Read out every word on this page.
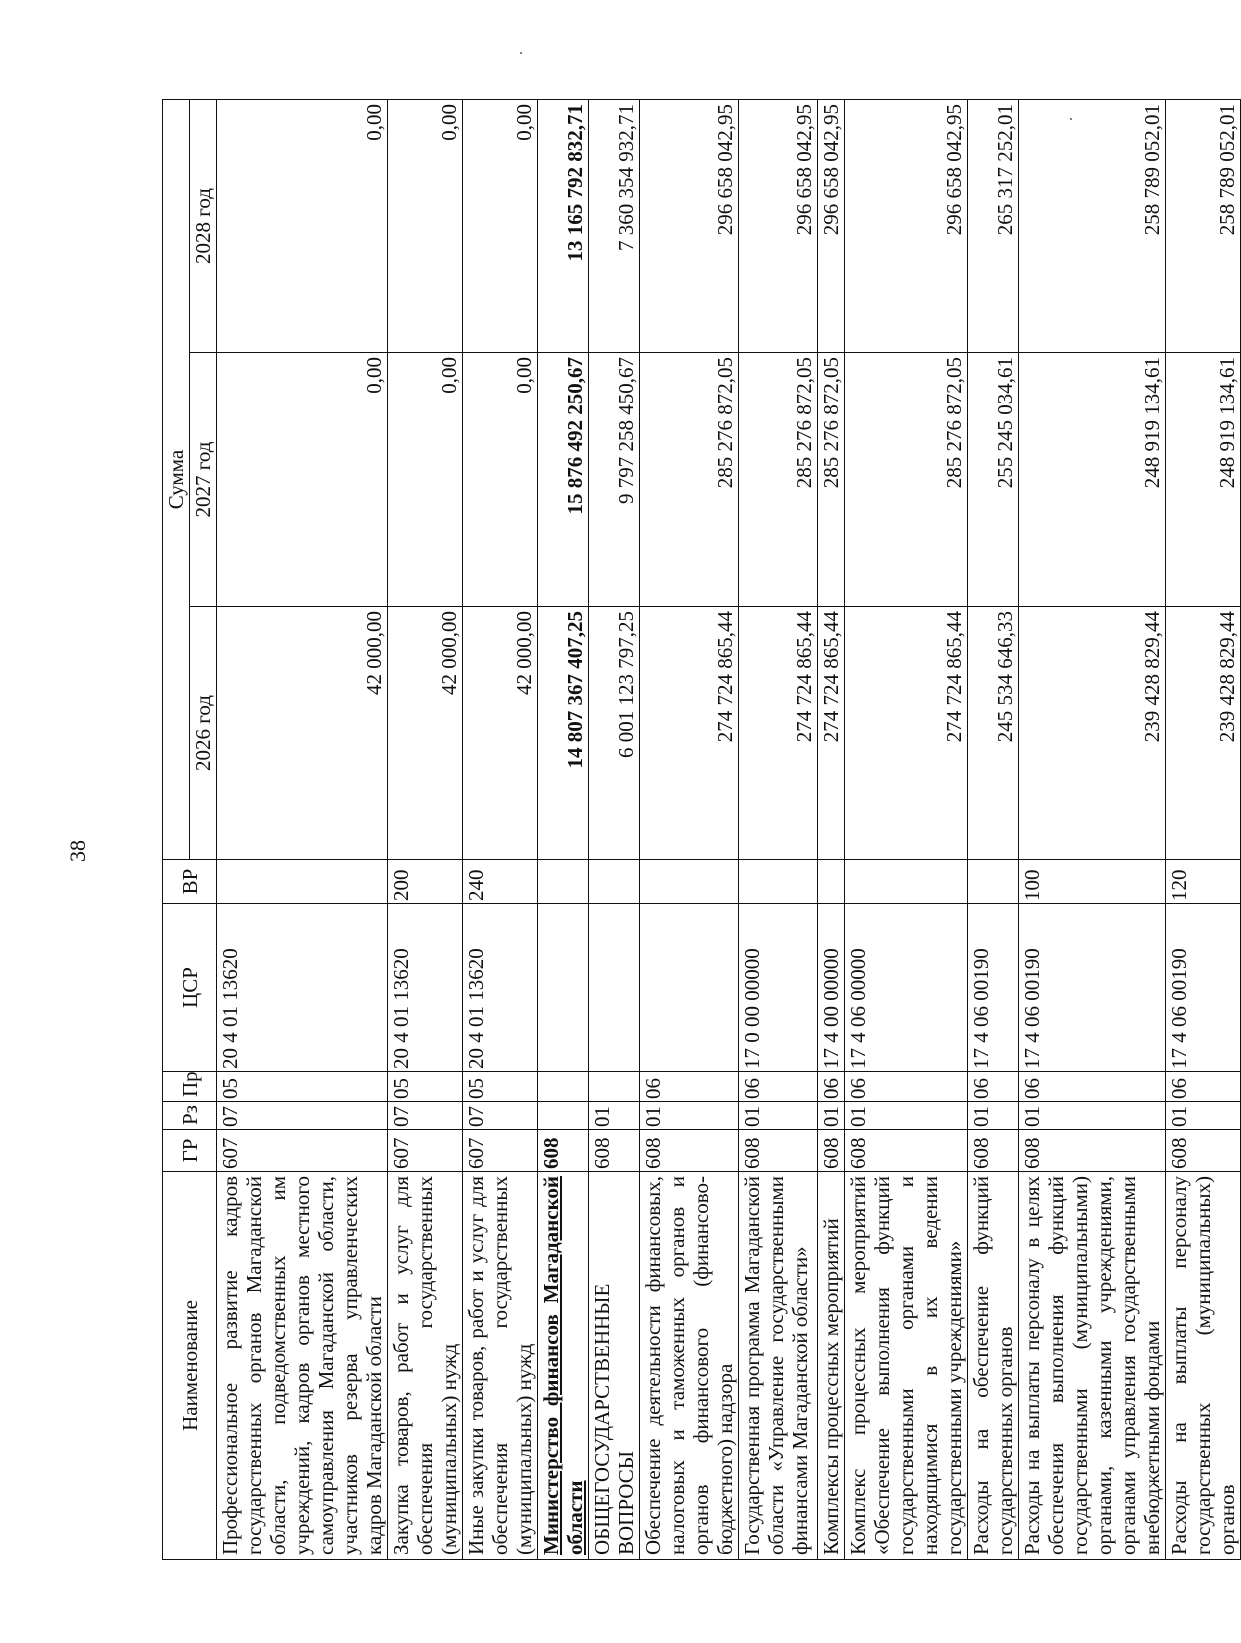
38
Наименование	ГР	Рз	Пр	ЦСР	ВР	Сумма		
						2026 год	2027 год	2028 год
Профессиональное развитие кадров государственных органов Магаданской области, подведомственных им учреждений, кадров органов местного самоуправления Магаданской области, участников резерва управленческих кадров Магаданской области	607	07	05	20 4 01 13620		42 000,00	0,00	0,00
Закупка товаров, работ и услуг для обеспечения государственных (муниципальных) нужд	607	07	05	20 4 01 13620	200	42 000,00	0,00	0,00
Иные закупки товаров, работ и услуг для обеспечения государственных (муниципальных) нужд	607	07	05	20 4 01 13620	240	42 000,00	0,00	0,00
Министерство финансов Магаданской области	608					14 807 367 407,25	15 876 492 250,67	13 165 792 832,71
ОБЩЕГОСУДАРСТВЕННЫЕ ВОПРОСЫ	608	01				6 001 123 797,25	9 797 258 450,67	7 360 354 932,71
Обеспечение деятельности финансовых, налоговых и таможенных органов и органов финансового (финансово-бюджетного) надзора	608	01	06			274 724 865,44	285 276 872,05	296 658 042,95
Государственная программа Магаданской области «Управление государственными финансами Магаданской области»	608	01	06	17 0 00 00000		274 724 865,44	285 276 872,05	296 658 042,95
Комплексы процессных мероприятий	608	01	06	17 4 00 00000		274 724 865,44	285 276 872,05	296 658 042,95
Комплекс процессных мероприятий «Обеспечение выполнения функций государственными органами и находящимися в их ведении государственными учреждениями»	608	01	06	17 4 06 00000		274 724 865,44	285 276 872,05	296 658 042,95
Расходы на обеспечение функций государственных органов	608	01	06	17 4 06 00190		245 534 646,33	255 245 034,61	265 317 252,01
Расходы на выплаты персоналу в целях обеспечения выполнения функций государственными (муниципальными) органами, казенными учреждениями, органами управления государственными внебюджетными фондами	608	01	06	17 4 06 00190	100	239 428 829,44	248 919 134,61	258 789 052,01
Расходы на выплаты персоналу государственных (муниципальных) органов	608	01	06	17 4 06 00190	120	239 428 829,44	248 919 134,61	258 789 052,01
